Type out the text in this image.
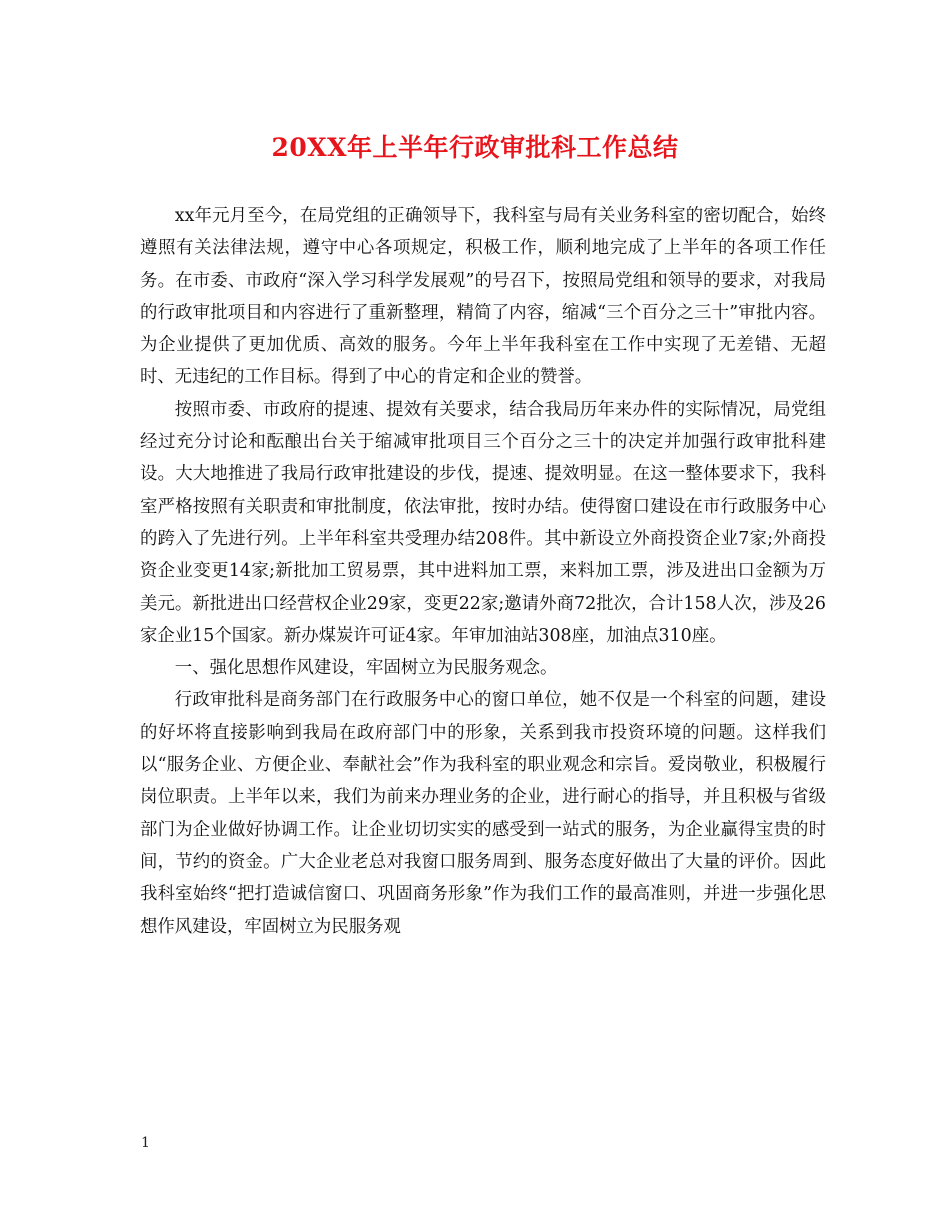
20XX年上半年行政审批科工作总结

xx年元月至今，在局党组的正确领导下，我科室与局有关业务科室的密切配合，始终遵照有关法律法规，遵守中心各项规定，积极工作，顺利地完成了上半年的各项工作任务。在市委、市政府“深入学习科学发展观”的号召下，按照局党组和领导的要求，对我局的行政审批项目和内容进行了重新整理，精简了内容，缩减“三个百分之三十”审批内容。为企业提供了更加优质、高效的服务。今年上半年我科室在工作中实现了无差错、无超时、无违纪的工作目标。得到了中心的肯定和企业的赞誉。

按照市委、市政府的提速、提效有关要求，结合我局历年来办件的实际情况，局党组经过充分讨论和酝酿出台关于缩减审批项目三个百分之三十的决定并加强行政审批科建设。大大地推进了我局行政审批建设的步伐，提速、提效明显。在这一整体要求下，我科室严格按照有关职责和审批制度，依法审批，按时办结。使得窗口建设在市行政服务中心的跨入了先进行列。上半年科室共受理办结208件。其中新设立外商投资企业7家;外商投资企业变更14家;新批加工贸易票，其中进料加工票，来料加工票，涉及进出口金额为万美元。新批进出口经营权企业29家，变更22家;邀请外商72批次，合计158人次，涉及26家企业15个国家。新办煤炭许可证4家。年审加油站308座，加油点310座。

一、强化思想作风建设，牢固树立为民服务观念。

行政审批科是商务部门在行政服务中心的窗口单位，她不仅是一个科室的问题，建设的好坏将直接影响到我局在政府部门中的形象，关系到我市投资环境的问题。这样我们以“服务企业、方便企业、奉献社会”作为我科室的职业观念和宗旨。爱岗敬业，积极履行岗位职责。上半年以来，我们为前来办理业务的企业，进行耐心的指导，并且积极与省级部门为企业做好协调工作。让企业切切实实的感受到一站式的服务，为企业赢得宝贵的时间，节约的资金。广大企业老总对我窗口服务周到、服务态度好做出了大量的评价。因此我科室始终“把打造诚信窗口、巩固商务形象”作为我们工作的最高准则，并进一步强化思想作风建设，牢固树立为民服务观

1
